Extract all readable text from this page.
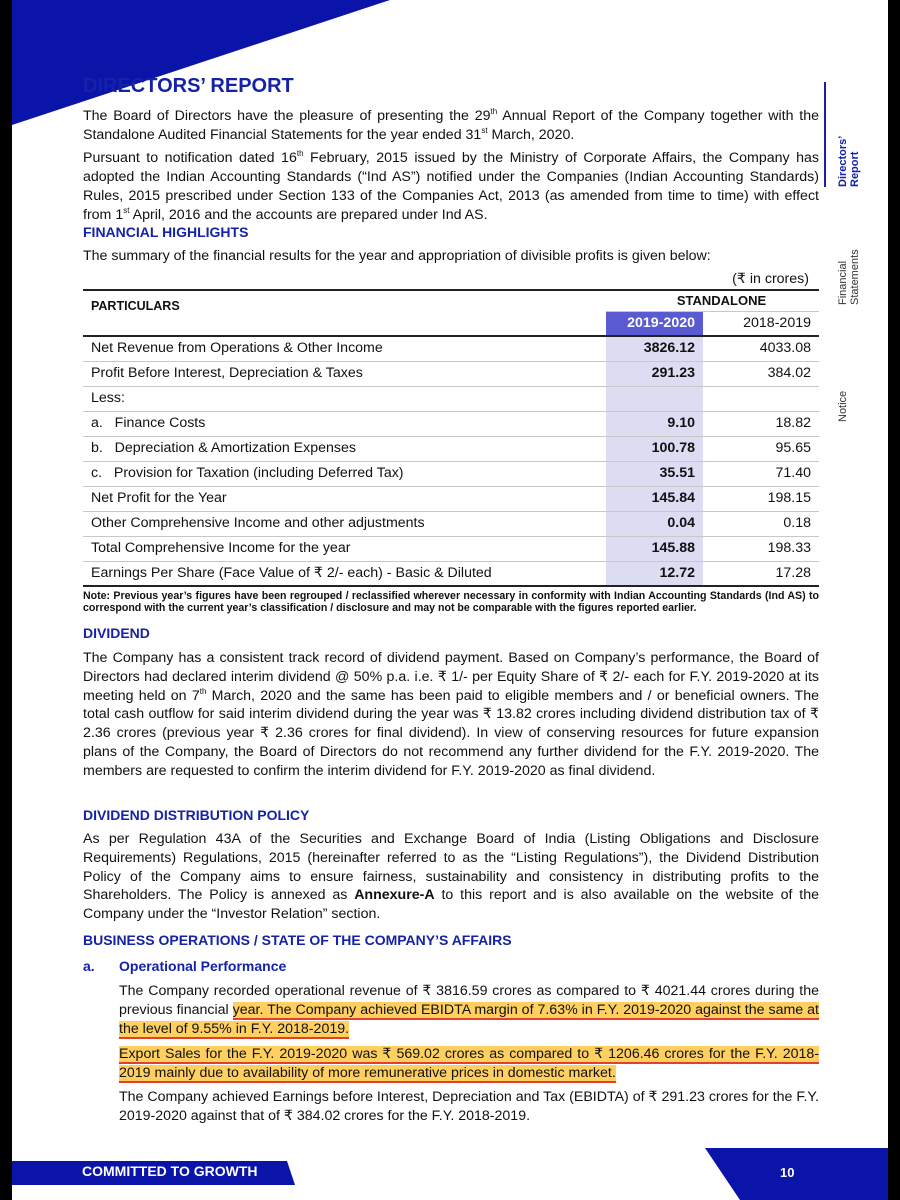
DIRECTORS’ REPORT

The Board of Directors have the pleasure of presenting the 29th Annual Report of the Company together with the Standalone Audited Financial Statements for the year ended 31st March, 2020.

Pursuant to notification dated 16th February, 2015 issued by the Ministry of Corporate Affairs, the Company has adopted the Indian Accounting Standards (“Ind AS”) notified under the Companies (Indian Accounting Standards) Rules, 2015 prescribed under Section 133 of the Companies Act, 2013 (as amended from time to time) with effect from 1st April, 2016 and the accounts are prepared under Ind AS.

FINANCIAL HIGHLIGHTS

The summary of the financial results for the year and appropriation of divisible profits is given below:

(₹ in crores)
PARTICULARS	STANDALONE	
	2019-2020	2018-2019
Net Revenue from Operations & Other Income	3826.12	4033.08
Profit Before Interest, Depreciation & Taxes	291.23	384.02
Less:		
a.   Finance Costs	9.10	18.82
b.   Depreciation & Amortization Expenses	100.78	95.65
c.   Provision for Taxation (including Deferred Tax)	35.51	71.40
Net Profit for the Year	145.84	198.15
Other Comprehensive Income and other adjustments	0.04	0.18
Total Comprehensive Income for the year	145.88	198.33
Earnings Per Share (Face Value of ₹ 2/- each) - Basic & Diluted	12.72	17.28

Note: Previous year’s figures have been regrouped / reclassified wherever necessary in conformity with Indian Accounting Standards (Ind AS) to correspond with the current year’s classification / disclosure and may not be comparable with the figures reported earlier.

DIVIDEND

The Company has a consistent track record of dividend payment. Based on Company’s performance, the Board of Directors had declared interim dividend @ 50% p.a. i.e. ₹ 1/- per Equity Share of ₹ 2/- each for F.Y. 2019-2020 at its meeting held on 7th March, 2020 and the same has been paid to eligible members and / or beneficial owners. The total cash outflow for said interim dividend during the year was ₹ 13.82 crores including dividend distribution tax of ₹ 2.36 crores (previous year ₹ 2.36 crores for final dividend). In view of conserving resources for future expansion plans of the Company, the Board of Directors do not recommend any further dividend for the F.Y. 2019-2020. The members are requested to confirm the interim dividend for F.Y. 2019-2020 as final dividend.

DIVIDEND DISTRIBUTION POLICY

As per Regulation 43A of the Securities and Exchange Board of India (Listing Obligations and Disclosure Requirements) Regulations, 2015 (hereinafter referred to as the “Listing Regulations”), the Dividend Distribution Policy of the Company aims to ensure fairness, sustainability and consistency in distributing profits to the Shareholders. The Policy is annexed as Annexure-A to this report and is also available on the website of the Company under the “Investor Relation” section.

BUSINESS OPERATIONS / STATE OF THE COMPANY’S AFFAIRS
a. Operational Performance

The Company recorded operational revenue of ₹ 3816.59 crores as compared to ₹ 4021.44 crores during the previous financial year. The Company achieved EBIDTA margin of 7.63% in F.Y. 2019-2020 against the same at the level of 9.55% in F.Y. 2018-2019.

Export Sales for the F.Y. 2019-2020 was ₹ 569.02 crores as compared to ₹ 1206.46 crores for the F.Y. 2018-2019 mainly due to availability of more remunerative prices in domestic market.

The Company achieved Earnings before Interest, Depreciation and Tax (EBIDTA) of ₹ 291.23 crores for the F.Y. 2019-2020 against that of ₹ 384.02 crores for the F.Y. 2018-2019.

Directors’ Report
Financial Statements
Notice
COMMITTED TO GROWTH	10
